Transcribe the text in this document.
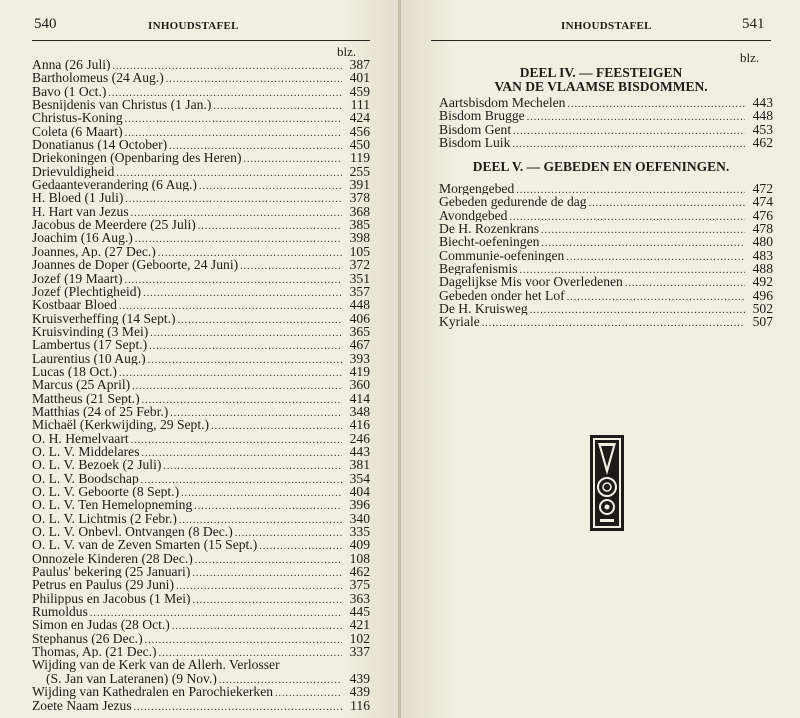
540	INHOUDSTAFEL
blz.
Anna (26 Juli) .....	387
Bartholomeus (24 Aug.) .....	401
Bavo (1 Oct.) .....	459
Besnijdenis van Christus (1 Jan.) .....	111
Christus-Koning .....	424
Coleta (6 Maart) .....	456
Donatianus (14 October) .....	450
Driekoningen (Openbaring des Heren) .....	119
Drievuldigheid .....	255
Gedaanteverandering (6 Aug.) .....	391
H. Bloed (1 Juli) .....	378
H. Hart van Jezus .....	368
Jacobus de Meerdere (25 Juli) .....	385
Joachim (16 Aug.) .....	398
Joannes, Ap. (27 Dec.) .....	105
Joannes de Doper (Geboorte, 24 Juni) .....	372
Jozef (19 Maart) .....	351
Jozef (Plechtigheid) .....	357
Kostbaar Bloed .....	448
Kruisverheffing (14 Sept.) .....	406
Kruisvinding (3 Mei) .....	365
Lambertus (17 Sept.) .....	467
Laurentius (10 Aug.) .....	393
Lucas (18 Oct.) .....	419
Marcus (25 April) .....	360
Mattheus (21 Sept.) .....	414
Matthias (24 of 25 Febr.) .....	348
Michaël (Kerkwijding, 29 Sept.) .....	416
O. H. Hemelvaart .....	246
O. L. V. Middelares .....	443
O. L. V. Bezoek (2 Juli) .....	381
O. L. V. Boodschap .....	354
O. L. V. Geboorte (8 Sept.) .....	404
O. L. V. Ten Hemelopneming .....	396
O. L. V. Lichtmis (2 Febr.) .....	340
O. L. V. Onbevl. Ontvangen (8 Dec.) .....	335
O. L. V. van de Zeven Smarten (15 Sept.) .....	409
Onnozele Kinderen (28 Dec.) .....	108
Paulus' bekering (25 Januari) .....	462
Petrus en Paulus (29 Juni) .....	375
Philippus en Jacobus (1 Mei) .....	363
Rumoldus .....	445
Simon en Judas (28 Oct.) .....	421
Stephanus (26 Dec.) .....	102
Thomas, Ap. (21 Dec.) .....	337
Wijding van de Kerk van de Allerh. Verlosser
(S. Jan van Lateranen) (9 Nov.) .....	439
Wijding van Kathedralen en Parochiekerken .....	439
Zoete Naam Jezus .....	116
INHOUDSTAFEL	541
blz.
DEEL IV. — FEESTEIGEN
VAN DE VLAAMSE BISDOMMEN.
Aartsbisdom Mechelen .....	443
Bisdom Brugge .....	448
Bisdom Gent .....	453
Bisdom Luik .....	462
DEEL V. — GEBEDEN EN OEFENINGEN.
Morgengebed .....	472
Gebeden gedurende de dag .....	474
Avondgebed .....	476
De H. Rozenkrans .....	478
Biecht-oefeningen .....	480
Communie-oefeningen .....	483
Begrafenismis .....	488
Dagelijkse Mis voor Overledenen .....	492
Gebeden onder het Lof .....	496
De H. Kruisweg .....	502
Kyriale .....	507
